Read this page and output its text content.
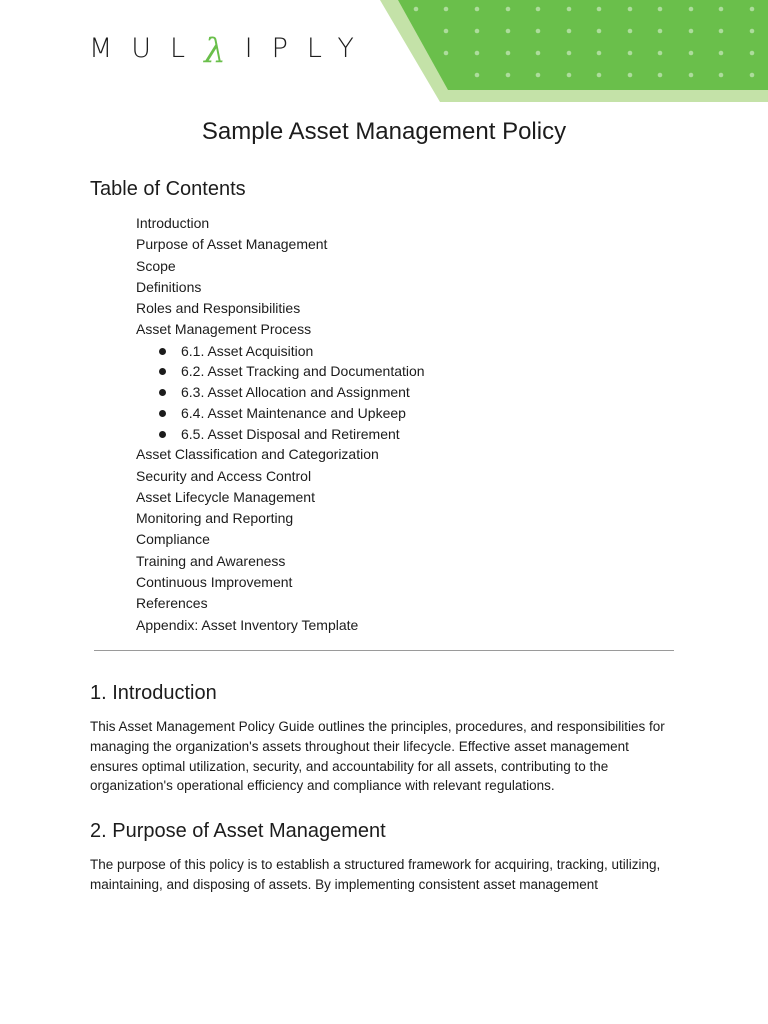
MUL λ IPLY
Sample Asset Management Policy
Table of Contents
Introduction
Purpose of Asset Management
Scope
Definitions
Roles and Responsibilities
Asset Management Process
6.1. Asset Acquisition
6.2. Asset Tracking and Documentation
6.3. Asset Allocation and Assignment
6.4. Asset Maintenance and Upkeep
6.5. Asset Disposal and Retirement
Asset Classification and Categorization
Security and Access Control
Asset Lifecycle Management
Monitoring and Reporting
Compliance
Training and Awareness
Continuous Improvement
References
Appendix: Asset Inventory Template
1. Introduction

This Asset Management Policy Guide outlines the principles, procedures, and responsibilities for managing the organization's assets throughout their lifecycle. Effective asset management ensures optimal utilization, security, and accountability for all assets, contributing to the organization's operational efficiency and compliance with relevant regulations.

2. Purpose of Asset Management

The purpose of this policy is to establish a structured framework for acquiring, tracking, utilizing, maintaining, and disposing of assets. By implementing consistent asset management
